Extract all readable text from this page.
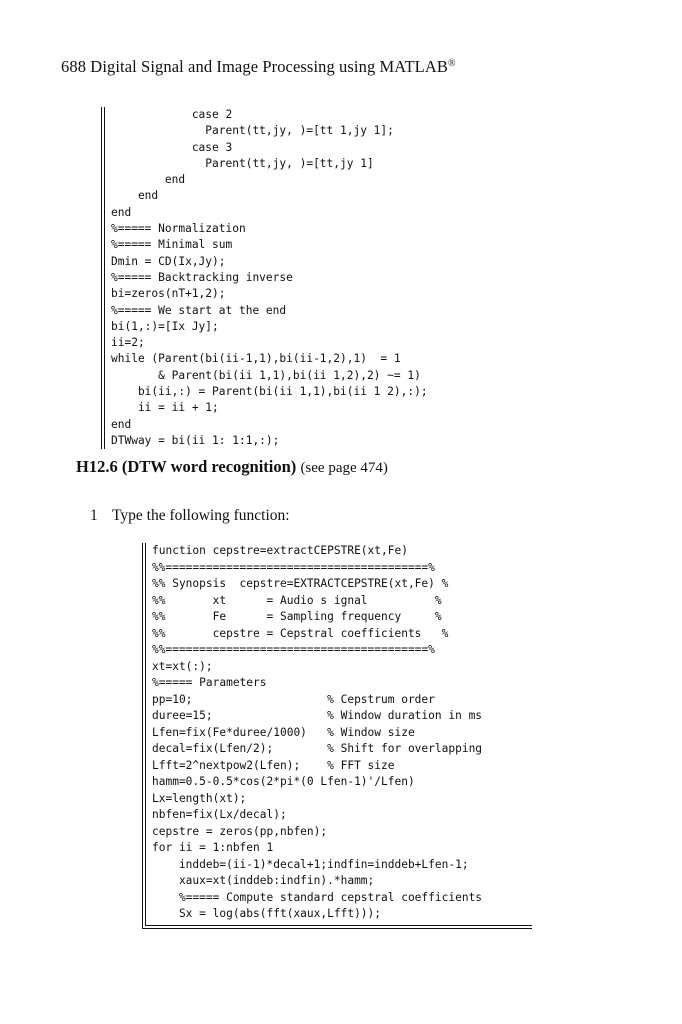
688 Digital Signal and Image Processing using MATLAB®
case 2
Parent(tt,jy, )=[tt 1,jy 1];
case 3
Parent(tt,jy, )=[tt,jy 1]
end
end
end
%===== Normalization
%===== Minimal sum
Dmin = CD(Ix,Jy);
%===== Backtracking inverse
bi=zeros(nT+1,2);
%===== We start at the end
bi(1,:)=[Ix Jy];
ii=2;
while (Parent(bi(ii-1,1),bi(ii-1,2),1)  = 1
& Parent(bi(ii 1,1),bi(ii 1,2),2) ~= 1)
bi(ii,:) = Parent(bi(ii 1,1),bi(ii 1 2),:);
ii = ii + 1;
end
DTWway = bi(ii 1: 1:1,:);
H12.6 (DTW word recognition) (see page 474)
1 Type the following function:
function cepstre=extractCEPSTRE(xt,Fe)
%%=======================================%
%% Synopsis  cepstre=EXTRACTCEPSTRE(xt,Fe) %
%%       xt      = Audio s ignal          %
%%       Fe      = Sampling frequency     %
%%       cepstre = Cepstral coefficients   %
%%=======================================%
xt=xt(:);
%===== Parameters
pp=10;                    % Cepstrum order
duree=15;                 % Window duration in ms
Lfen=fix(Fe*duree/1000)   % Window size
decal=fix(Lfen/2);        % Shift for overlapping
Lfft=2^nextpow2(Lfen);    % FFT size
hamm=0.5-0.5*cos(2*pi*(0 Lfen-1)'/Lfen)
Lx=length(xt);
nbfen=fix(Lx/decal);
cepstre = zeros(pp,nbfen);
for ii = 1:nbfen 1
inddeb=(ii-1)*decal+1;indfin=inddeb+Lfen-1;
xaux=xt(inddeb:indfin).*hamm;
%===== Compute standard cepstral coefficients
Sx = log(abs(fft(xaux,Lfft)));
